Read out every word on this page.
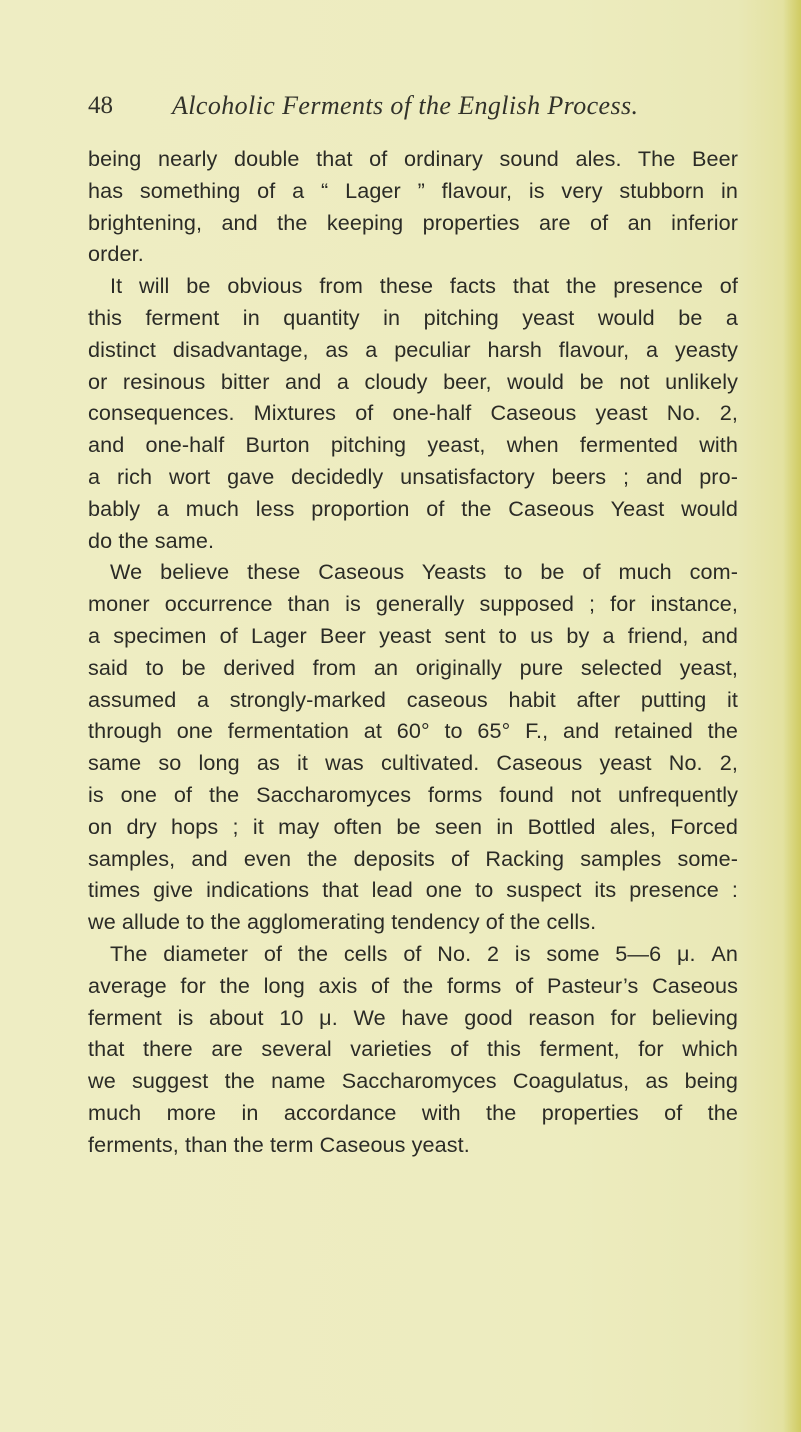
48 Alcoholic Ferments of the English Process.
being nearly double that of ordinary sound ales. The Beer
has something of a “ Lager ” flavour, is very stubborn in
brightening, and the keeping properties are of an inferior
order.
It will be obvious from these facts that the presence of
this ferment in quantity in pitching yeast would be a
distinct disadvantage, as a peculiar harsh flavour, a yeasty
or resinous bitter and a cloudy beer, would be not unlikely
consequences. Mixtures of one-half Caseous yeast No. 2,
and one-half Burton pitching yeast, when fermented with
a rich wort gave decidedly unsatisfactory beers ; and pro-
bably a much less proportion of the Caseous Yeast would
do the same.
We believe these Caseous Yeasts to be of much com-
moner occurrence than is generally supposed ; for instance,
a specimen of Lager Beer yeast sent to us by a friend, and
said to be derived from an originally pure selected yeast,
assumed a strongly-marked caseous habit after putting it
through one fermentation at 60° to 65° F., and retained the
same so long as it was cultivated. Caseous yeast No. 2,
is one of the Saccharomyces forms found not unfrequently
on dry hops ; it may often be seen in Bottled ales, Forced
samples, and even the deposits of Racking samples some-
times give indications that lead one to suspect its presence :
we allude to the agglomerating tendency of the cells.
The diameter of the cells of No. 2 is some 5—6 μ. An
average for the long axis of the forms of Pasteur’s Caseous
ferment is about 10 μ. We have good reason for believing
that there are several varieties of this ferment, for which
we suggest the name Saccharomyces Coagulatus, as being
much more in accordance with the properties of the
ferments, than the term Caseous yeast.
